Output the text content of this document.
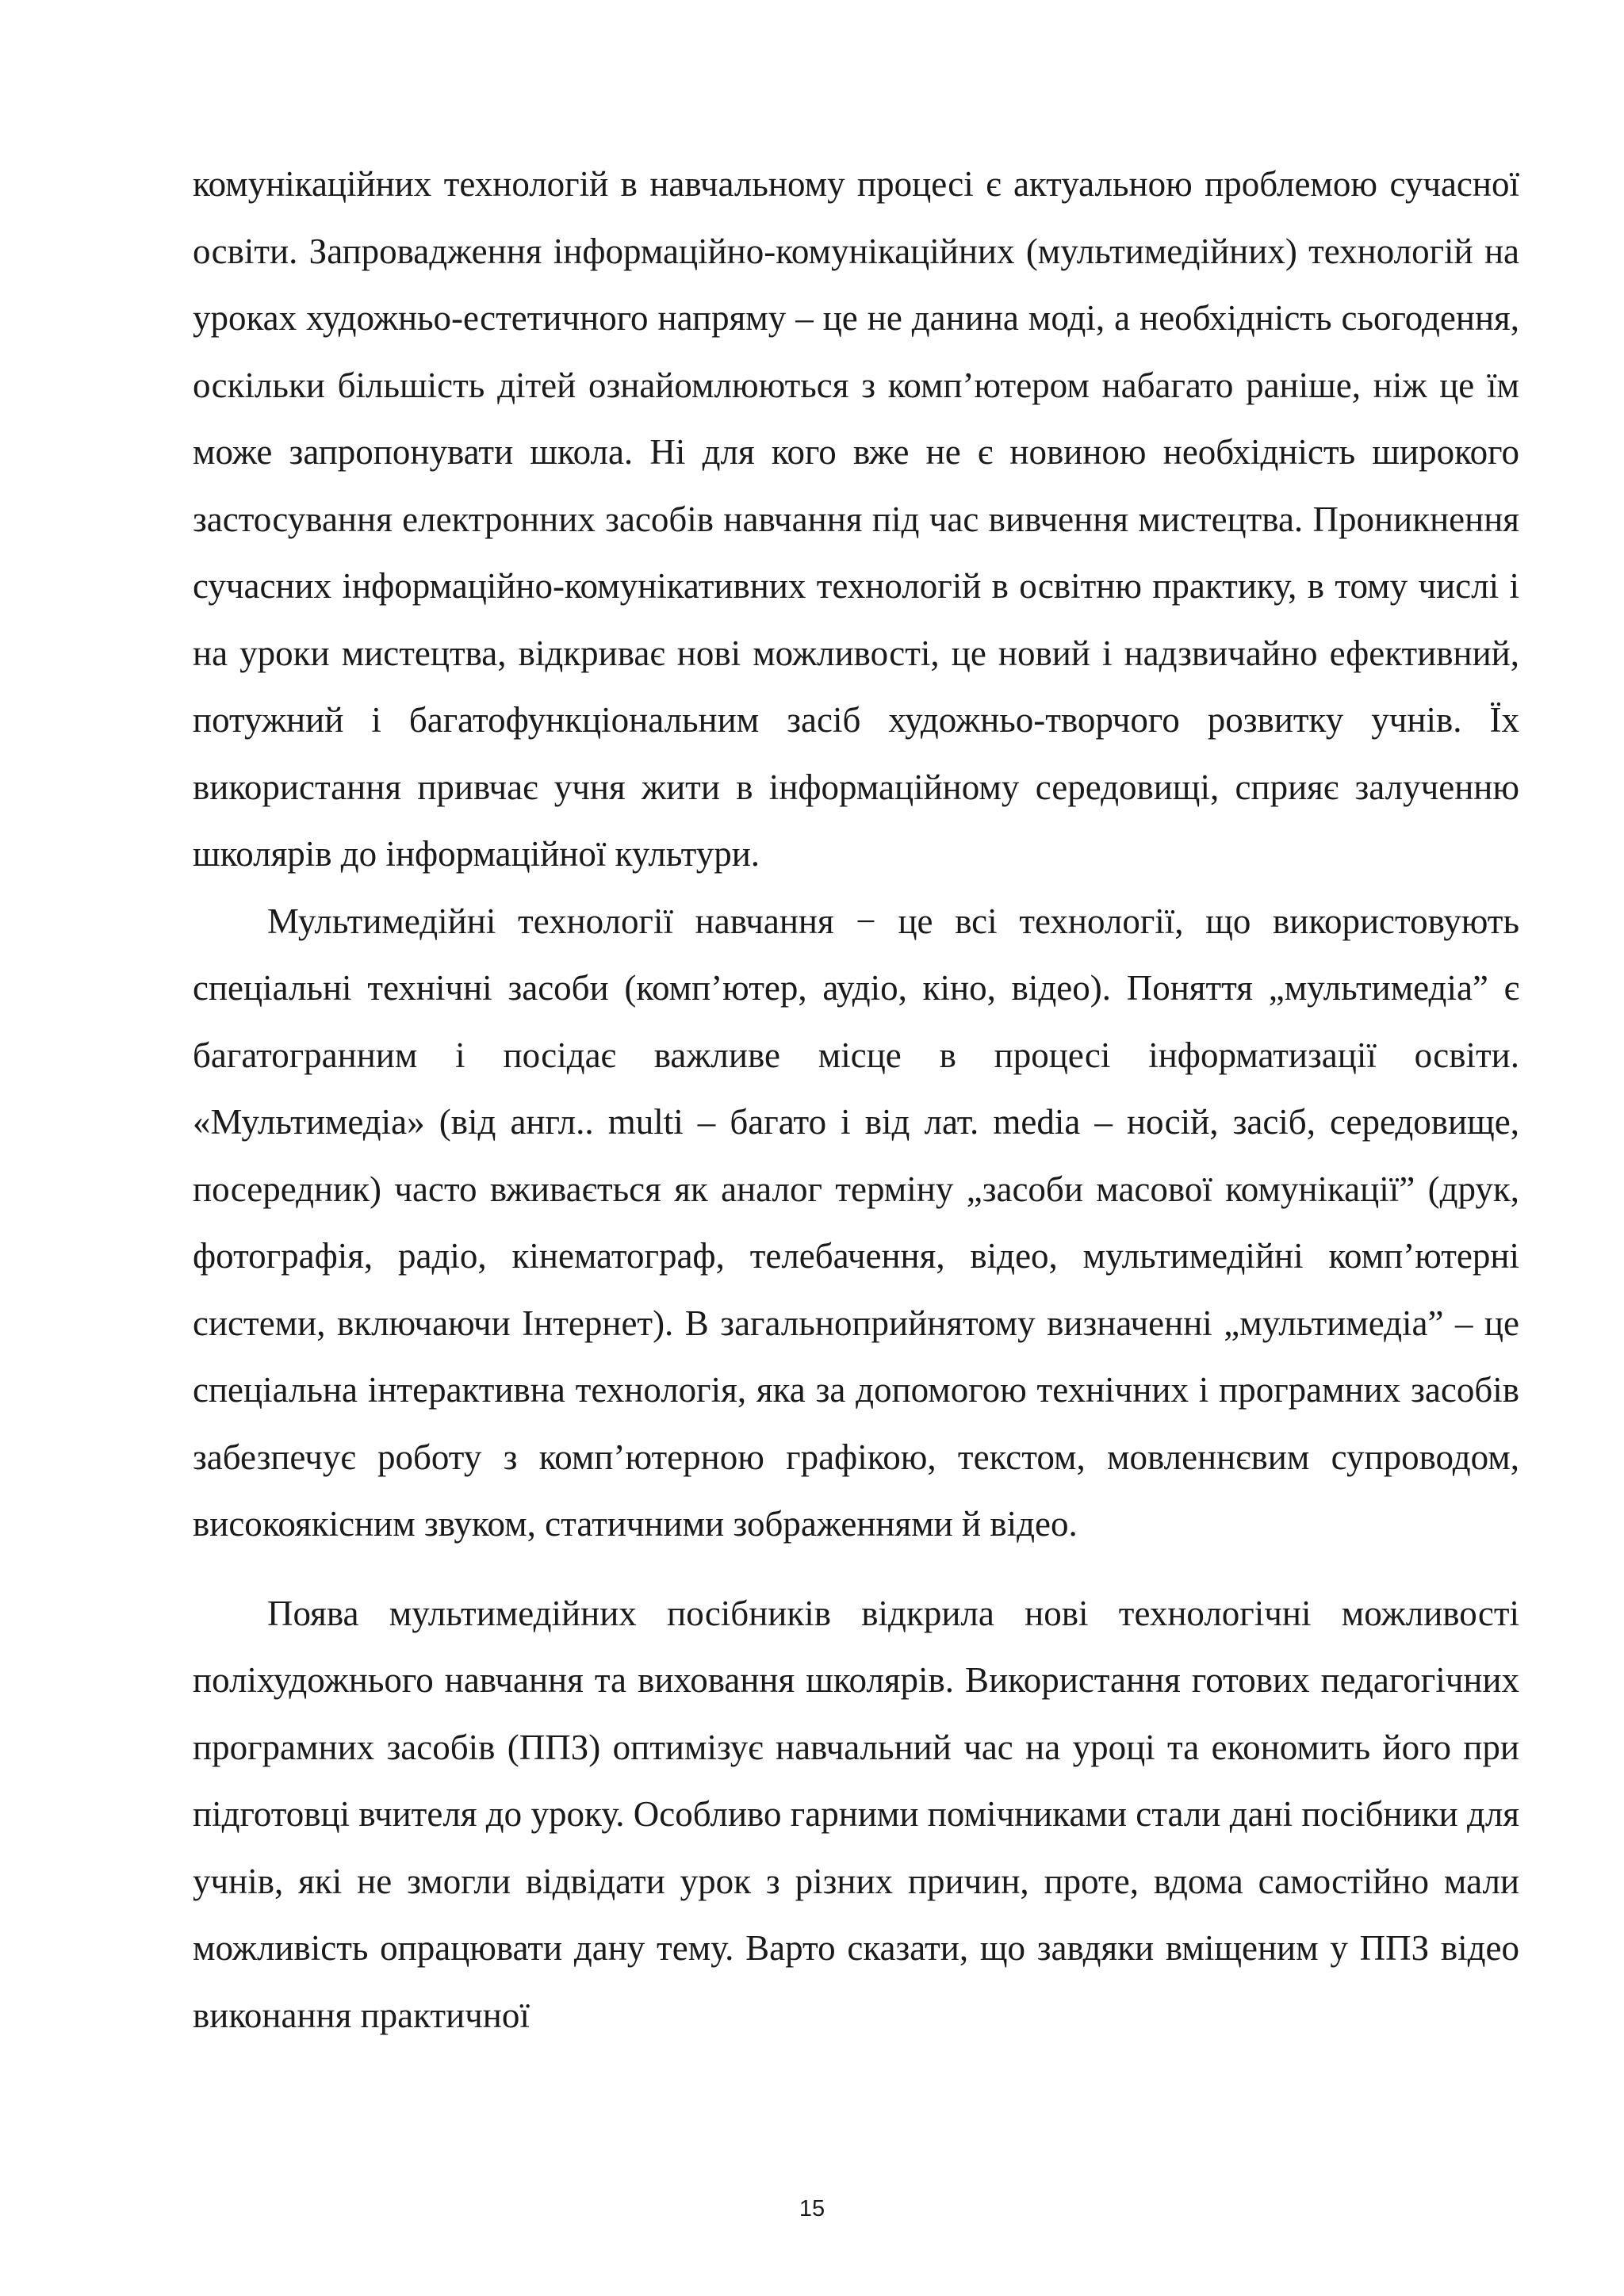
комунікаційних технологій в навчальному процесі є актуальною проблемою сучасної освіти. Запровадження інформаційно-комунікаційних (мультимедійних) технологій на уроках художньо-естетичного напряму – це не данина моді, а необхідність сьогодення, оскільки більшість дітей ознайомлюються з комп’ютером набагато раніше, ніж це їм може запропонувати школа. Ні для кого вже не є новиною необхідність широкого застосування електронних засобів навчання під час вивчення мистецтва. Проникнення сучасних інформаційно-комунікативних технологій в освітню практику, в тому числі і на уроки мистецтва, відкриває нові можливості, це новий і надзвичайно ефективний, потужний і багатофункціональним засіб художньо-творчого розвитку учнів. Їх використання привчає учня жити в інформаційному середовищі, сприяє залученню школярів до інформаційної культури.

Мультимедійні технології навчання − це всі технології, що використовують спеціальні технічні засоби (комп’ютер, аудіо, кіно, відео). Поняття „мультимедіа” є багатогранним і посідає важливе місце в процесі інформатизації освіти. «Мультимедіа» (від англ.. multi – багато і від лат. media – носій, засіб, середовище, посередник) часто вживається як аналог терміну „засоби масової комунікації” (друк, фотографія, радіо, кінематограф, телебачення, відео, мультимедійні комп’ютерні системи, включаючи Інтернет). В загальноприйнятому визначенні „мультимедіа” – це спеціальна інтерактивна технологія, яка за допомогою технічних і програмних засобів забезпечує роботу з комп’ютерною графікою, текстом, мовленнєвим супроводом, високоякісним звуком, статичними зображеннями й відео.

Поява мультимедійних посібників відкрила нові технологічні можливості поліхудожнього навчання та виховання школярів. Використання готових педагогічних програмних засобів (ППЗ) оптимізує навчальний час на уроці та економить його при підготовці вчителя до уроку. Особливо гарними помічниками стали дані посібники для учнів, які не змогли відвідати урок з різних причин, проте, вдома самостійно мали можливість опрацювати дану тему. Варто сказати, що завдяки вміщеним у ППЗ відео виконання практичної

15
